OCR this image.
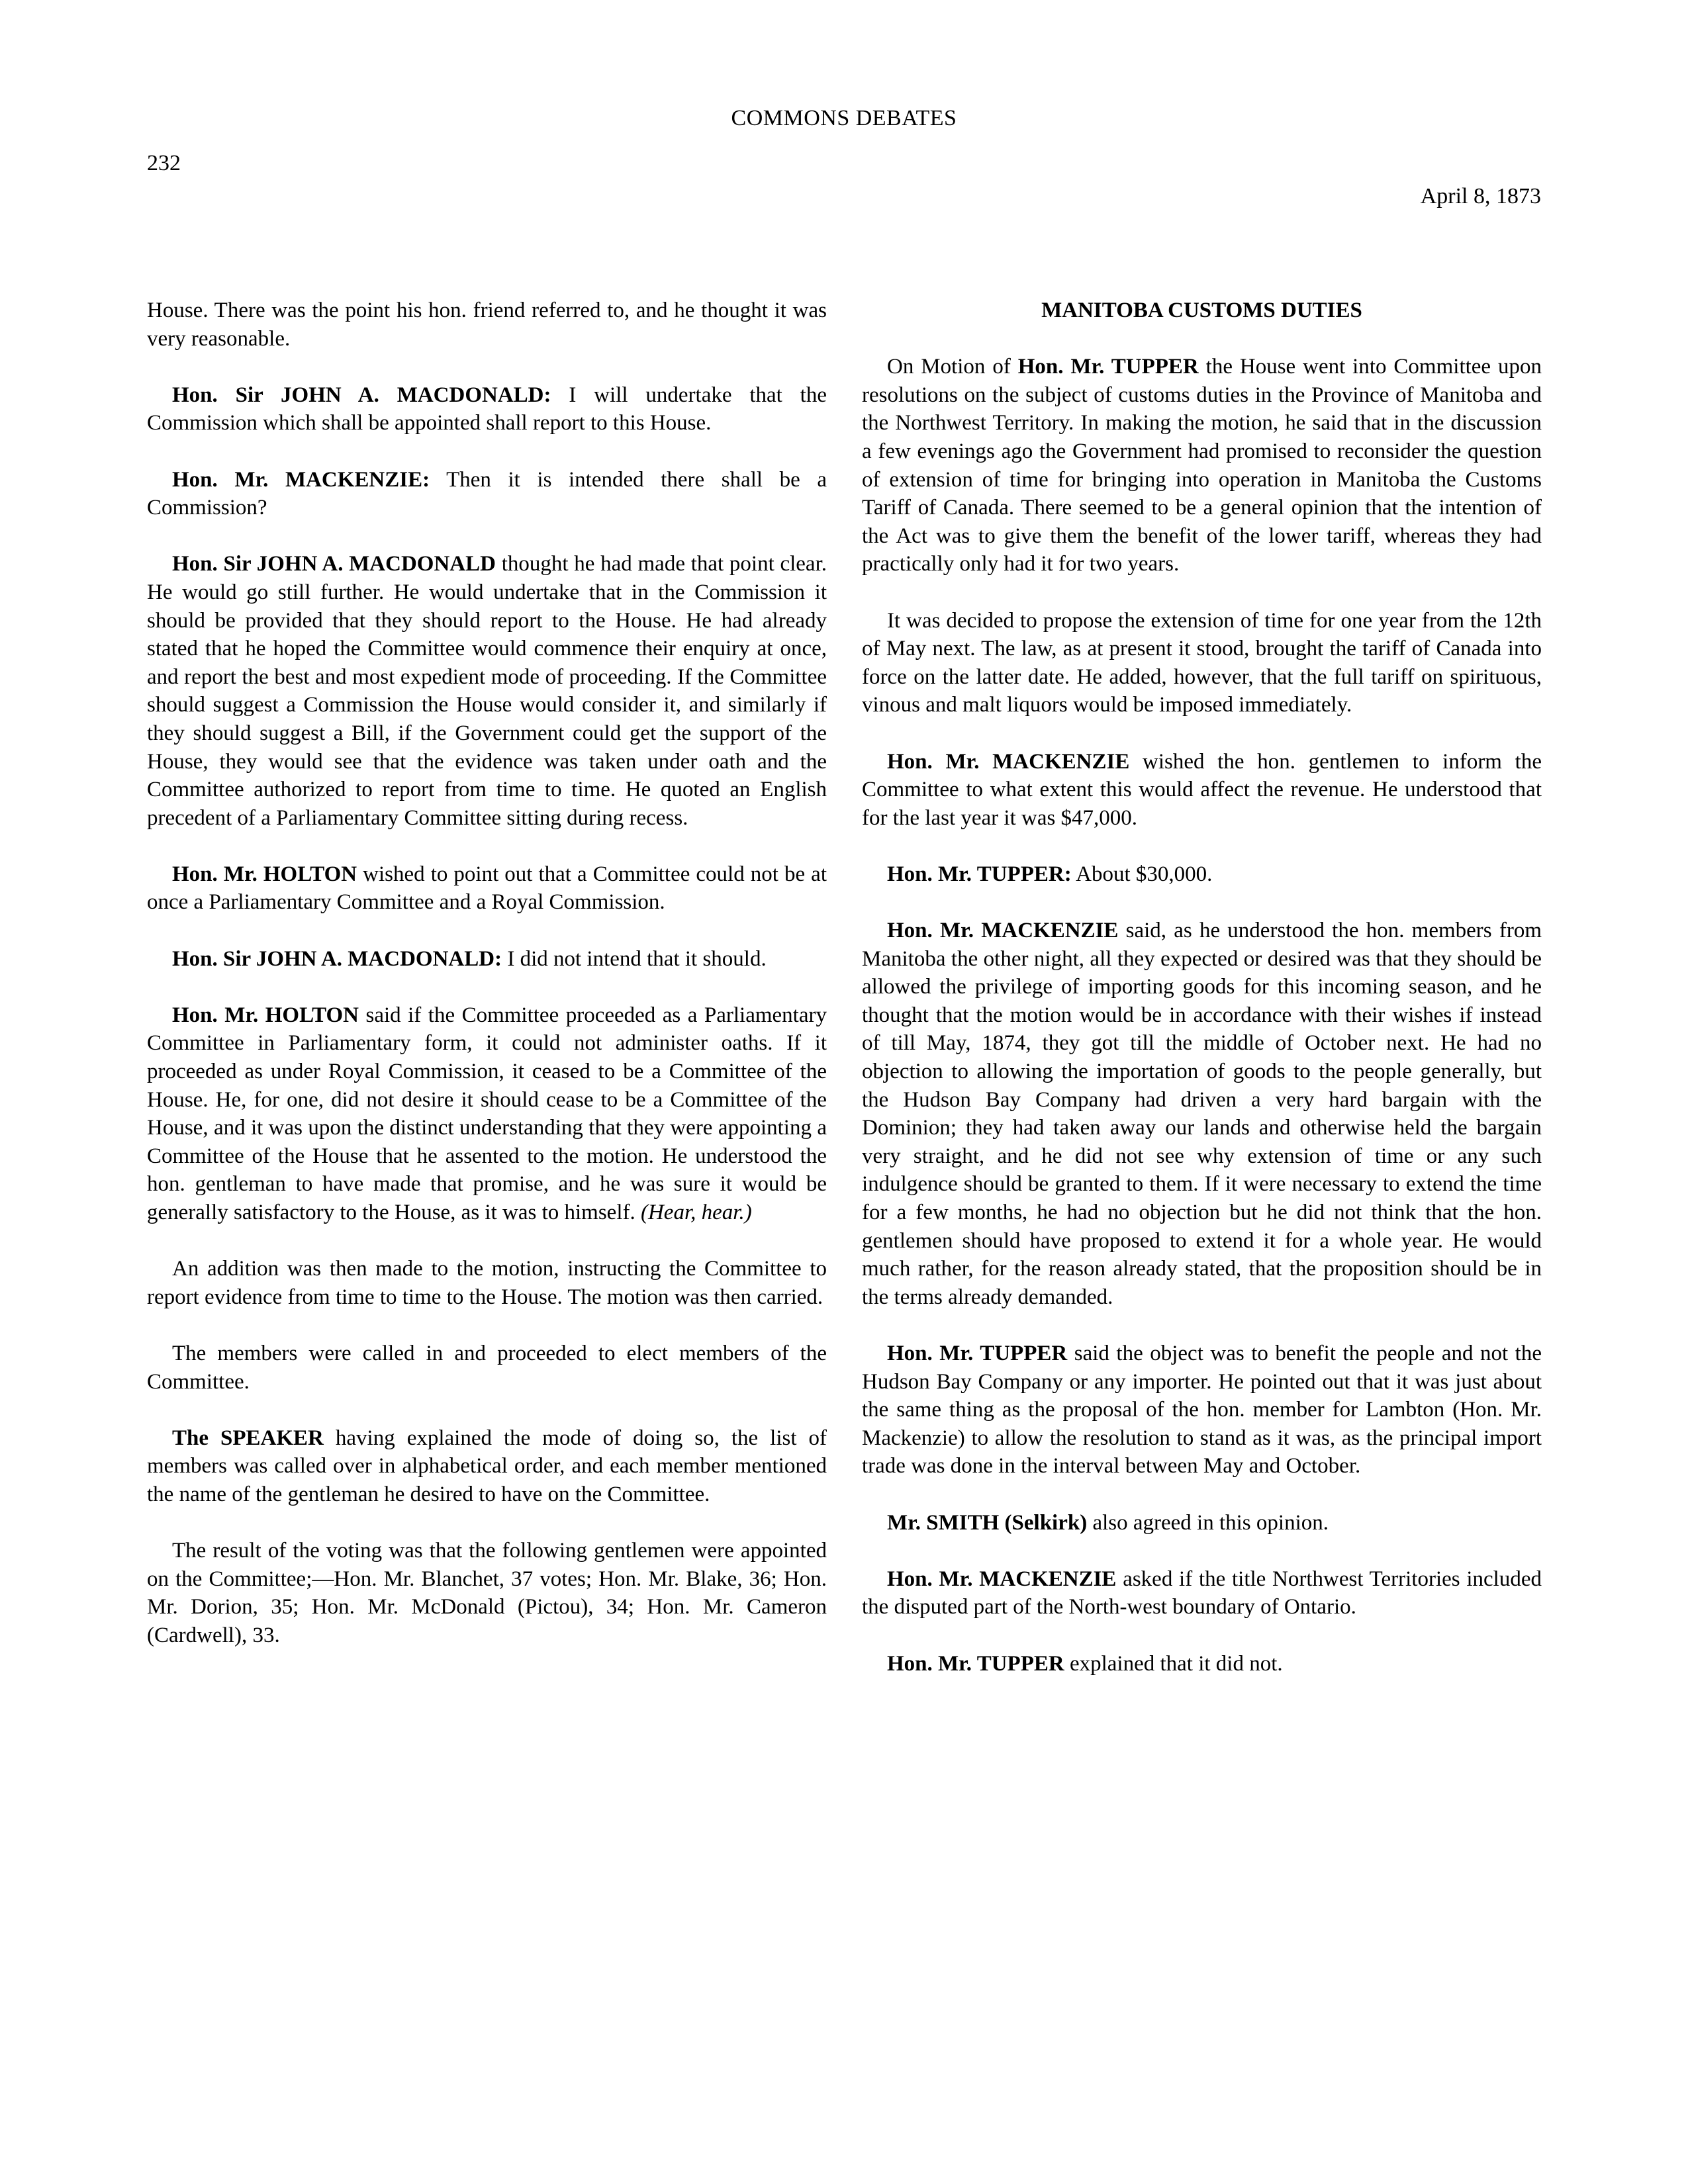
COMMONS DEBATES
232
April 8, 1873

House. There was the point his hon. friend referred to, and he thought it was very reasonable.

Hon. Sir JOHN A. MACDONALD: I will undertake that the Commission which shall be appointed shall report to this House.

Hon. Mr. MACKENZIE: Then it is intended there shall be a Commission?

Hon. Sir JOHN A. MACDONALD thought he had made that point clear. He would go still further. He would undertake that in the Commission it should be provided that they should report to the House. He had already stated that he hoped the Committee would commence their enquiry at once, and report the best and most expedient mode of proceeding. If the Committee should suggest a Commission the House would consider it, and similarly if they should suggest a Bill, if the Government could get the support of the House, they would see that the evidence was taken under oath and the Committee authorized to report from time to time. He quoted an English precedent of a Parliamentary Committee sitting during recess.

Hon. Mr. HOLTON wished to point out that a Committee could not be at once a Parliamentary Committee and a Royal Commission.

Hon. Sir JOHN A. MACDONALD: I did not intend that it should.

Hon. Mr. HOLTON said if the Committee proceeded as a Parliamentary Committee in Parliamentary form, it could not administer oaths. If it proceeded as under Royal Commission, it ceased to be a Committee of the House. He, for one, did not desire it should cease to be a Committee of the House, and it was upon the distinct understanding that they were appointing a Committee of the House that he assented to the motion. He understood the hon. gentleman to have made that promise, and he was sure it would be generally satisfactory to the House, as it was to himself. (Hear, hear.)

An addition was then made to the motion, instructing the Committee to report evidence from time to time to the House. The motion was then carried.

The members were called in and proceeded to elect members of the Committee.

The SPEAKER having explained the mode of doing so, the list of members was called over in alphabetical order, and each member mentioned the name of the gentleman he desired to have on the Committee.

The result of the voting was that the following gentlemen were appointed on the Committee;—Hon. Mr. Blanchet, 37 votes; Hon. Mr. Blake, 36; Hon. Mr. Dorion, 35; Hon. Mr. McDonald (Pictou), 34; Hon. Mr. Cameron (Cardwell), 33.

MANITOBA CUSTOMS DUTIES

On Motion of Hon. Mr. TUPPER the House went into Committee upon resolutions on the subject of customs duties in the Province of Manitoba and the Northwest Territory. In making the motion, he said that in the discussion a few evenings ago the Government had promised to reconsider the question of extension of time for bringing into operation in Manitoba the Customs Tariff of Canada. There seemed to be a general opinion that the intention of the Act was to give them the benefit of the lower tariff, whereas they had practically only had it for two years.

It was decided to propose the extension of time for one year from the 12th of May next. The law, as at present it stood, brought the tariff of Canada into force on the latter date. He added, however, that the full tariff on spirituous, vinous and malt liquors would be imposed immediately.

Hon. Mr. MACKENZIE wished the hon. gentlemen to inform the Committee to what extent this would affect the revenue. He understood that for the last year it was $47,000.

Hon. Mr. TUPPER: About $30,000.

Hon. Mr. MACKENZIE said, as he understood the hon. members from Manitoba the other night, all they expected or desired was that they should be allowed the privilege of importing goods for this incoming season, and he thought that the motion would be in accordance with their wishes if instead of till May, 1874, they got till the middle of October next. He had no objection to allowing the importation of goods to the people generally, but the Hudson Bay Company had driven a very hard bargain with the Dominion; they had taken away our lands and otherwise held the bargain very straight, and he did not see why extension of time or any such indulgence should be granted to them. If it were necessary to extend the time for a few months, he had no objection but he did not think that the hon. gentlemen should have proposed to extend it for a whole year. He would much rather, for the reason already stated, that the proposition should be in the terms already demanded.

Hon. Mr. TUPPER said the object was to benefit the people and not the Hudson Bay Company or any importer. He pointed out that it was just about the same thing as the proposal of the hon. member for Lambton (Hon. Mr. Mackenzie) to allow the resolution to stand as it was, as the principal import trade was done in the interval between May and October.

Mr. SMITH (Selkirk) also agreed in this opinion.

Hon. Mr. MACKENZIE asked if the title Northwest Territories included the disputed part of the North-west boundary of Ontario.

Hon. Mr. TUPPER explained that it did not.
